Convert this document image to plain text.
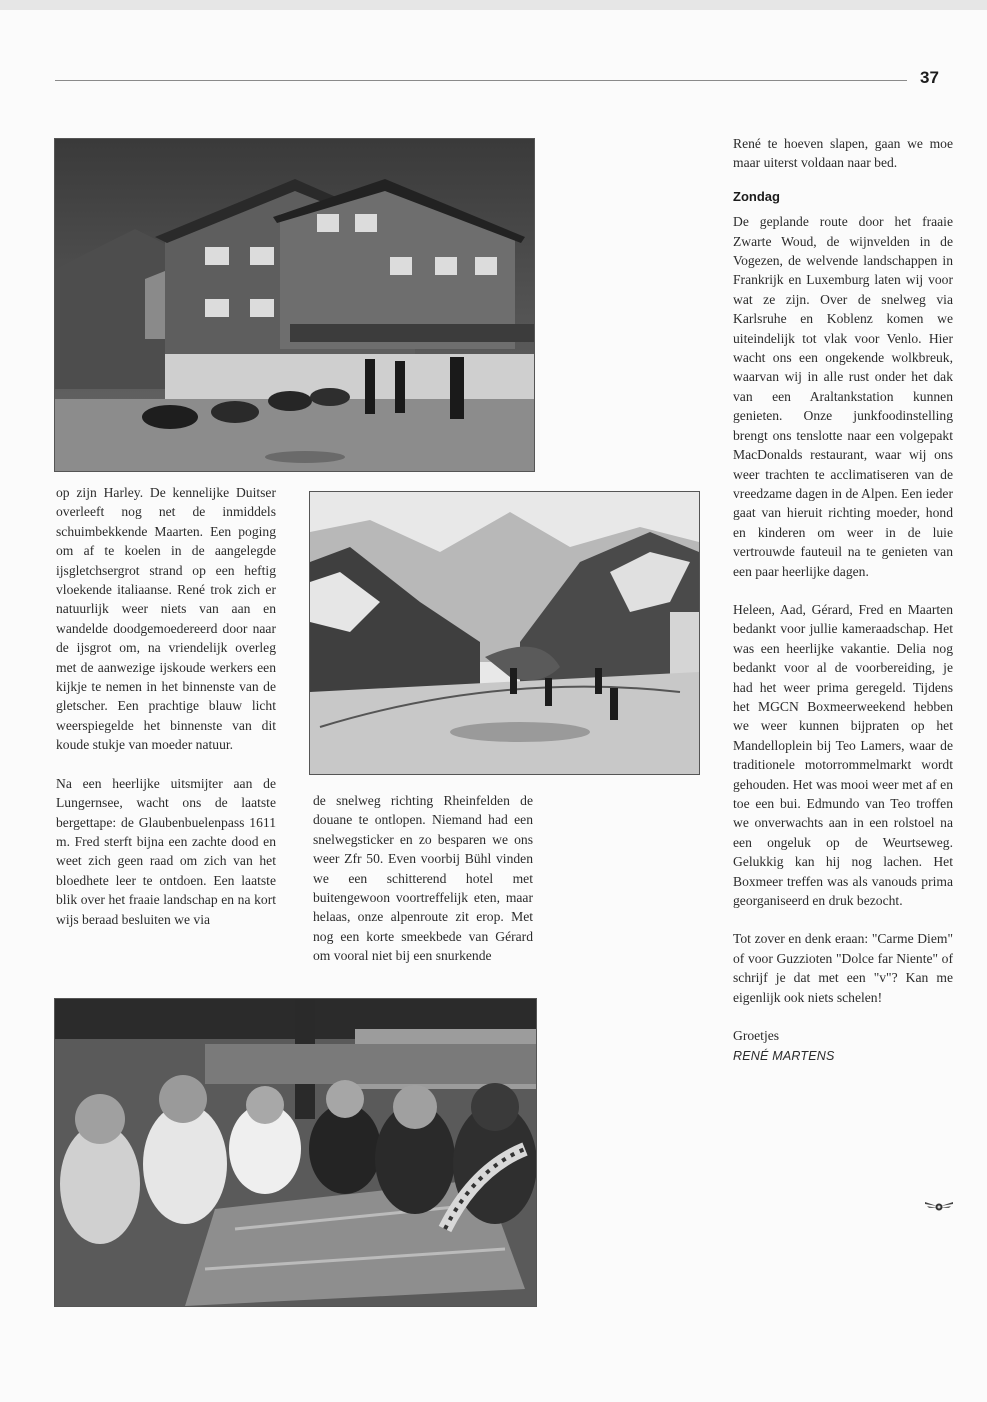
37

op zijn Harley. De kennelijke Duitser overleeft nog net de inmiddels schuimbekkende Maarten. Een poging om af te koelen in de aangelegde ijsgletchsergrot strand op een heftig vloekende italiaanse. René trok zich er natuurlijk weer niets van aan en wandelde doodgemoedereerd door naar de ijsgrot om, na vriendelijk overleg met de aanwezige ijskoude werkers een kijkje te nemen in het binnenste van de gletscher. Een prachtige blauw licht weerspiegelde het binnenste van dit koude stukje van moeder natuur.

Na een heerlijke uitsmijter aan de Lungernsee, wacht ons de laatste bergettape: de Glaubenbuelenpass 1611 m. Fred sterft bijna een zachte dood en weet zich geen raad om zich van het bloedhete leer te ontdoen. Een laatste blik over het fraaie landschap en na kort wijs beraad besluiten we via

de snelweg richting Rheinfelden de douane te ontlopen. Niemand had een snelwegsticker en zo besparen we ons weer Zfr 50. Even voorbij Bühl vinden we een schitterend hotel met buitengewoon voortreffelijk eten, maar helaas, onze alpenroute zit erop. Met nog een korte smeekbede van Gérard om vooral niet bij een snurkende

René te hoeven slapen, gaan we moe maar uiterst voldaan naar bed.

Zondag

De geplande route door het fraaie Zwarte Woud, de wijnvelden in de Vogezen, de welvende landschappen in Frankrijk en Luxemburg laten wij voor wat ze zijn. Over de snelweg via Karlsruhe en Koblenz komen we uiteindelijk tot vlak voor Venlo. Hier wacht ons een ongekende wolkbreuk, waarvan wij in alle rust onder het dak van een Araltankstation kunnen genieten. Onze junkfoodinstelling brengt ons tenslotte naar een volgepakt MacDonalds restaurant, waar wij ons weer trachten te acclimatiseren van de vreedzame dagen in de Alpen. Een ieder gaat van hieruit richting moeder, hond en kinderen om weer in de luie vertrouwde fauteuil na te genieten van een paar heerlijke dagen.

Heleen, Aad, Gérard, Fred en Maarten bedankt voor jullie kameraadschap. Het was een heerlijke vakantie. Delia nog bedankt voor al de voorbereiding, je had het weer prima geregeld. Tijdens het MGCN Boxmeerweekend hebben we weer kunnen bijpraten op het Mandelloplein bij Teo Lamers, waar de traditionele motorrommelmarkt wordt gehouden. Het was mooi weer met af en toe een bui. Edmundo van Teo troffen we onverwachts aan in een rolstoel na een ongeluk op de Weurtseweg. Gelukkig kan hij nog lachen. Het Boxmeer treffen was als vanouds prima georganiseerd en druk bezocht.

Tot zover en denk eraan: "Carme Diem" of voor Guzzioten "Dolce far Niente" of schrijf je dat met een "v"? Kan me eigenlijk ook niets schelen!

Groetjes
RENÉ MARTENS
